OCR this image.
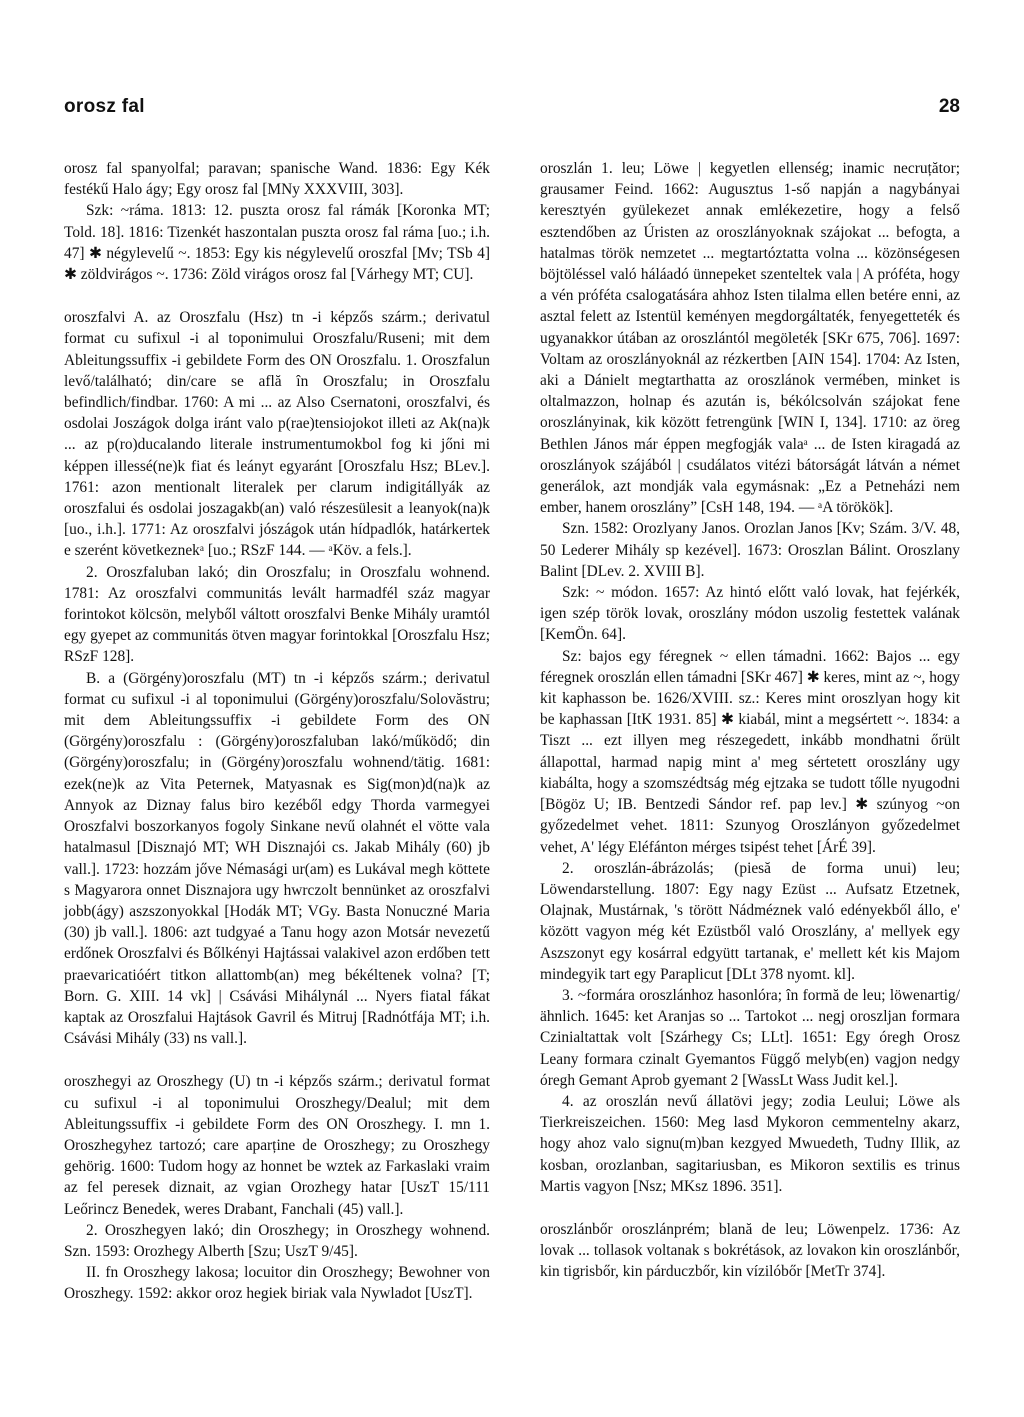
orosz fal	28

orosz fal spanyolfal; paravan; spanische Wand. 1836: Egy Kék festékű Halo ágy; Egy orosz fal [MNy XXXVIII, 303].

Szk: ~ráma. 1813: 12. puszta orosz fal rámák [Koronka MT; Told. 18]. 1816: Tizenkét haszontalan puszta orosz fal ráma [uo.; i.h. 47] ✱ négylevelű ~. 1853: Egy kis négylevelű oroszfal [Mv; TSb 4] ✱ zöldvirágos ~. 1736: Zöld virágos orosz fal [Várhegy MT; CU].

oroszfalvi A. az Oroszfalu (Hsz) tn -i képzős szárm.; derivatul format cu sufixul -i al toponimului Oroszfalu/Ruseni; mit dem Ableitungssuffix -i gebildete Form des ON Oroszfalu. 1. Oroszfalun levő/található; din/care se află în Oroszfalu; in Oroszfalu befindlich/findbar. 1760: A mi ... az Also Csernatoni, oroszfalvi, és osdolai Joszágok dolga iránt valo p(rae)tensiojokot illeti az Ak(na)k ... az p(ro)ducalando literale instrumentumokbol fog ki jőni mi képpen illessé(ne)k fiat és leányt egyaránt [Oroszfalu Hsz; BLev.]. 1761: azon mentionalt literalek per clarum indigitállyák az oroszfalui és osdolai joszagakb(an) való részesülesit a leanyok(na)k [uo., i.h.]. 1771: Az oroszfalvi jószágok után hídpadlók, határkertek e szerént következnekᵃ [uo.; RSzF 144. — ᵃKöv. a fels.].

2. Oroszfaluban lakó; din Oroszfalu; in Oroszfalu wohnend. 1781: Az oroszfalvi communitás levált harmadfél száz magyar forintokot kölcsön, melyből váltott oroszfalvi Benke Mihály uramtól egy gyepet az communitás ötven magyar forintokkal [Oroszfalu Hsz; RSzF 128].

B. a (Görgény)oroszfalu (MT) tn -i képzős szárm.; derivatul format cu sufixul -i al toponimului (Görgény)oroszfalu/Solovăstru; mit dem Ableitungssuffix -i gebildete Form des ON (Görgény)oroszfalu : (Görgény)oroszfaluban lakó/működő; din (Görgény)oroszfalu; in (Görgény)oroszfalu wohnend/tätig. 1681: ezek(ne)k az Vita Peternek, Matyasnak es Sig(mon)d(na)k az Annyok az Diznay falus biro kezéből edgy Thorda varmegyei Oroszfalvi boszorkanyos fogoly Sinkane nevű olahnét el vötte vala hatalmasul [Disznajó MT; WH Disznajói cs. Jakab Mihály (60) jb vall.]. 1723: hozzám jőve Némasági ur(am) es Lukával megh köttete s Magyarora onnet Disznajora ugy hwrczolt bennünket az oroszfalvi jobb(ágy) aszszonyokkal [Hodák MT; VGy. Basta Nonuczné Maria (30) jb vall.]. 1806: azt tudgyaé a Tanu hogy azon Motsár nevezetű erdőnek Oroszfalvi és Bőlkényi Hajtássai valakivel azon erdőben tett praevaricatióért titkon allattomb(an) meg békéltenek volna? [T; Born. G. XIII. 14 vk] | Csávási Mihálynál ... Nyers fiatal fákat kaptak az Oroszfalui Hajtások Gavril és Mitruj [Radnótfája MT; i.h. Csávási Mihály (33) ns vall.].

oroszhegyi az Oroszhegy (U) tn -i képzős szárm.; derivatul format cu sufixul -i al toponimului Oroszhegy/Dealul; mit dem Ableitungssuffix -i gebildete Form des ON Oroszhegy. I. mn 1. Oroszhegyhez tartozó; care aparține de Oroszhegy; zu Oroszhegy gehörig. 1600: Tudom hogy az honnet be wztek az Farkaslaki vraim az fel peresek diznait, az vgian Orozhegy hatar [UszT 15/111 Leőrincz Benedek, weres Drabant, Fanchali (45) vall.].

2. Oroszhegyen lakó; din Oroszhegy; in Oroszhegy wohnend. Szn. 1593: Orozhegy Alberth [Szu; UszT 9/45].

II. fn Oroszhegy lakosa; locuitor din Oroszhegy; Bewohner von Oroszhegy. 1592: akkor oroz hegiek biriak vala Nywladot [UszT].

oroszlán 1. leu; Löwe | kegyetlen ellenség; inamic necruțător; grausamer Feind. 1662: Augusztus 1-ső napján a nagybányai keresztyén gyülekezet annak emlékezetire, hogy a felső esztendőben az Úristen az oroszlányoknak szájokat ... befogta, a hatalmas török nemzetet ... megtartóztatta volna ... közönségesen böjtöléssel való háláadó ünnepeket szenteltek vala | A próféta, hogy a vén próféta csalogatására ahhoz Isten tilalma ellen betére enni, az asztal felett az Istentül keményen megdorgáltaték, fenyegetteték és ugyanakkor útában az oroszlántól megöleték [SKr 675, 706]. 1697: Voltam az oroszlányoknál az rézkertben [AIN 154]. 1704: Az Isten, aki a Dánielt megtarthatta az oroszlánok vermében, minket is oltalmazzon, holnap és azután is, békólcsolván szájokat fene oroszlányinak, kik között fetrengünk [WIN I, 134]. 1710: az öreg Bethlen János már éppen megfogják valaᵃ ... de Isten kiragadá az oroszlányok szájából | csudálatos vitézi bátorságát látván a német generálok, azt mondják vala egymásnak: „Ez a Petneházi nem ember, hanem oroszlány” [CsH 148, 194. — ᵃA törökök].

Szn. 1582: Orozlyany Janos. Orozlan Janos [Kv; Szám. 3/V. 48, 50 Lederer Mihály sp kezével]. 1673: Oroszlan Bálint. Oroszlany Balint [DLev. 2. XVIII B].

Szk: ~ módon. 1657: Az hintó előtt való lovak, hat fejérkék, igen szép török lovak, oroszlány módon uszolig festettek valának [KemÖn. 64].

Sz: bajos egy féregnek ~ ellen támadni. 1662: Bajos ... egy féregnek oroszlán ellen támadni [SKr 467] ✱ keres, mint az ~, hogy kit kaphasson be. 1626/XVIII. sz.: Keres mint oroszlyan hogy kit be kaphassan [ItK 1931. 85] ✱ kiabál, mint a megsértett ~. 1834: a Tiszt ... ezt illyen meg részegedett, inkább mondhatni őrült állapottal, harmad napig mint a' meg sértetett oroszlány ugy kiabálta, hogy a szomszédtság még ejtzaka se tudott tőlle nyugodni [Bögöz U; IB. Bentzedi Sándor ref. pap lev.] ✱ szúnyog ~on győzedelmet vehet. 1811: Szunyog Oroszlányon győzedelmet vehet, A' légy Eléfánton mérges tsipést tehet [ÁrÉ 39].

2. oroszlán-ábrázolás; (piesă de forma unui) leu; Löwendarstellung. 1807: Egy nagy Ezüst ... Aufsatz Etzetnek, Olajnak, Mustárnak, 's törött Nádméznek való edényekből állo, e' között vagyon még két Ezüstből való Oroszlány, a' mellyek egy Aszszonyt egy kosárral edgyütt tartanak, e' mellett két kis Majom mindegyik tart egy Paraplicut [DLt 378 nyomt. kl].

3. ~formára oroszlánhoz hasonlóra; în formă de leu; löwenartig/ähnlich. 1645: ket Aranjas so ... Tartokot ... negj oroszljan formara Czinialtattak volt [Szárhegy Cs; LLt]. 1651: Egy óregh Orosz Leany formara czinalt Gyemantos Függő melyb(en) vagjon nedgy óregh Gemant Aprob gyemant 2 [WassLt Wass Judit kel.].

4. az oroszlán nevű állatövi jegy; zodia Leului; Löwe als Tierkreiszeichen. 1560: Meg lasd Mykoron cemmentelny akarz, hogy ahoz valo signu(m)ban kezgyed Mwuedeth, Tudny Illik, az kosban, orozlanban, sagitariusban, es Mikoron sextilis es trinus Martis vagyon [Nsz; MKsz 1896. 351].

oroszlánbőr oroszlánprém; blană de leu; Löwenpelz. 1736: Az lovak ... tollasok voltanak s bokrétások, az lovakon kin oroszlánbőr, kin tigrisbőr, kin párduczbőr, kin vízilóbőr [MetTr 374].
